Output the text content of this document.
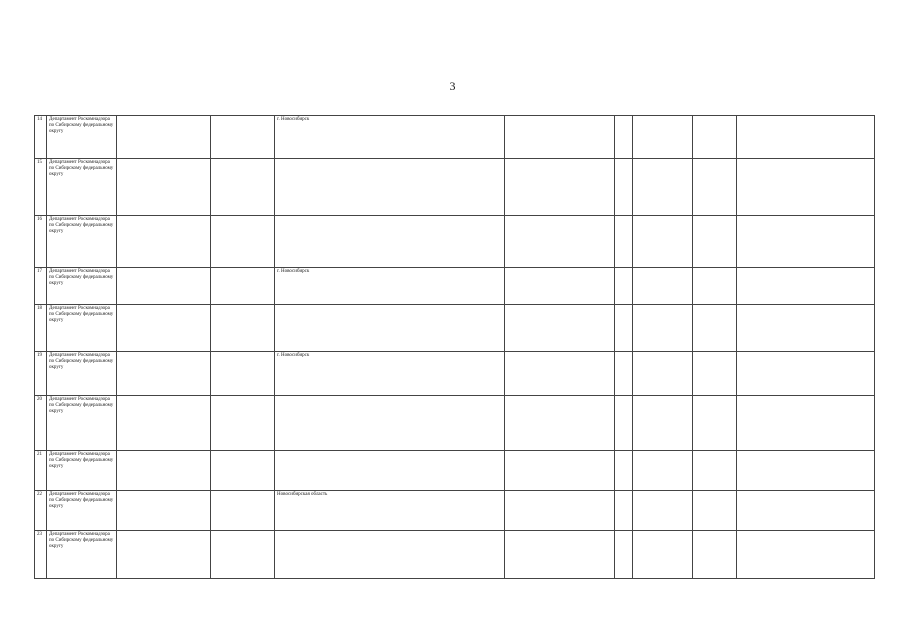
3
14	Департамент Роскомнадзора по Сибирскому федеральному округу			г. Новосибирск		

15	Департамент Роскомнадзора по Сибирскому федеральному округу					

16	Департамент Роскомнадзора по Сибирскому федеральному округу					

17	Департамент Роскомнадзора по Сибирскому федеральному округу			г. Новосибирск		

18	Департамент Роскомнадзора по Сибирскому федеральному округу					

19	Департамент Роскомнадзора по Сибирскому федеральному округу			г. Новосибирск		

20	Департамент Роскомнадзора по Сибирскому федеральному округу					

21	Департамент Роскомнадзора по Сибирскому федеральному округу					

22	Департамент Роскомнадзора по Сибирскому федеральному округу			Новосибирская область		

23	Департамент Роскомнадзора по Сибирскому федеральному округу					
